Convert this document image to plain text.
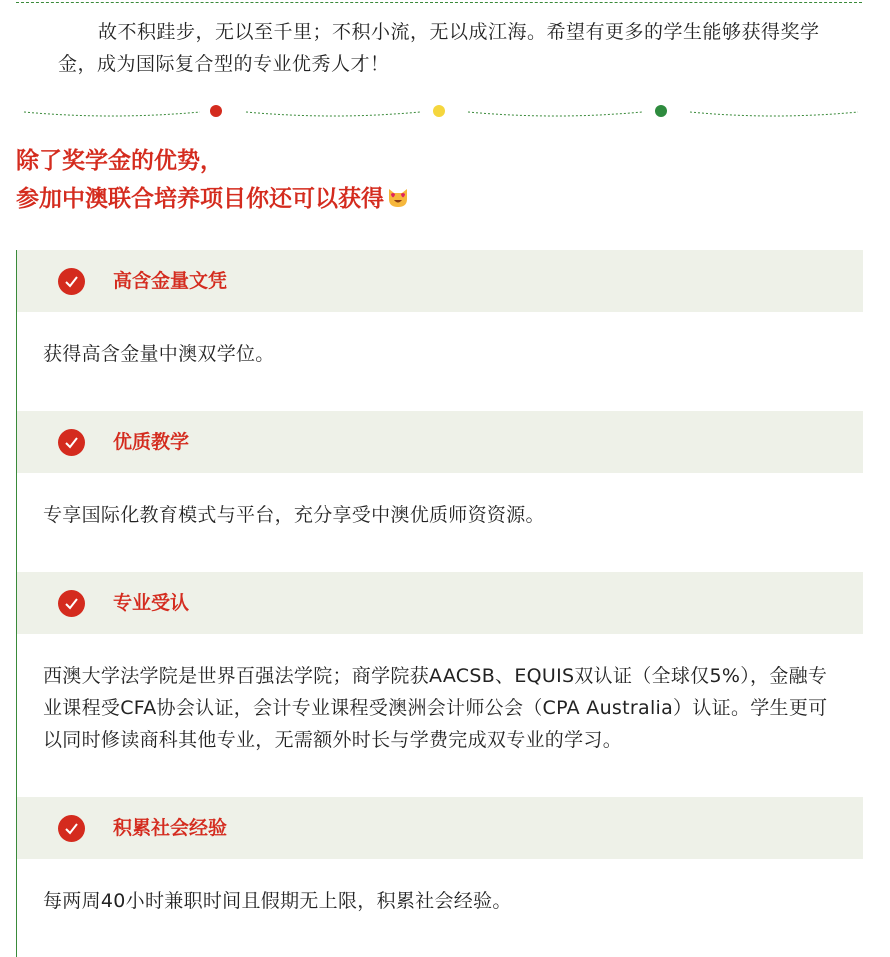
故不积跬步，无以至千里；不积小流，无以成江海。希望有更多的学生能够获得奖学金，成为国际复合型的专业优秀人才！

除了奖学金的优势，
参加中澳联合培养项目你还可以获得
高含金量文凭
获得高含金量中澳双学位。
优质教学
专享国际化教育模式与平台，充分享受中澳优质师资资源。
专业受认
西澳大学法学院是世界百强法学院；商学院获AACSB、EQUIS双认证（全球仅5%），金融专业课程受CFA协会认证，会计专业课程受澳洲会计师公会（CPA Australia）认证。学生更可以同时修读商科其他专业，无需额外时长与学费完成双专业的学习。
积累社会经验
每两周40小时兼职时间且假期无上限，积累社会经验。
